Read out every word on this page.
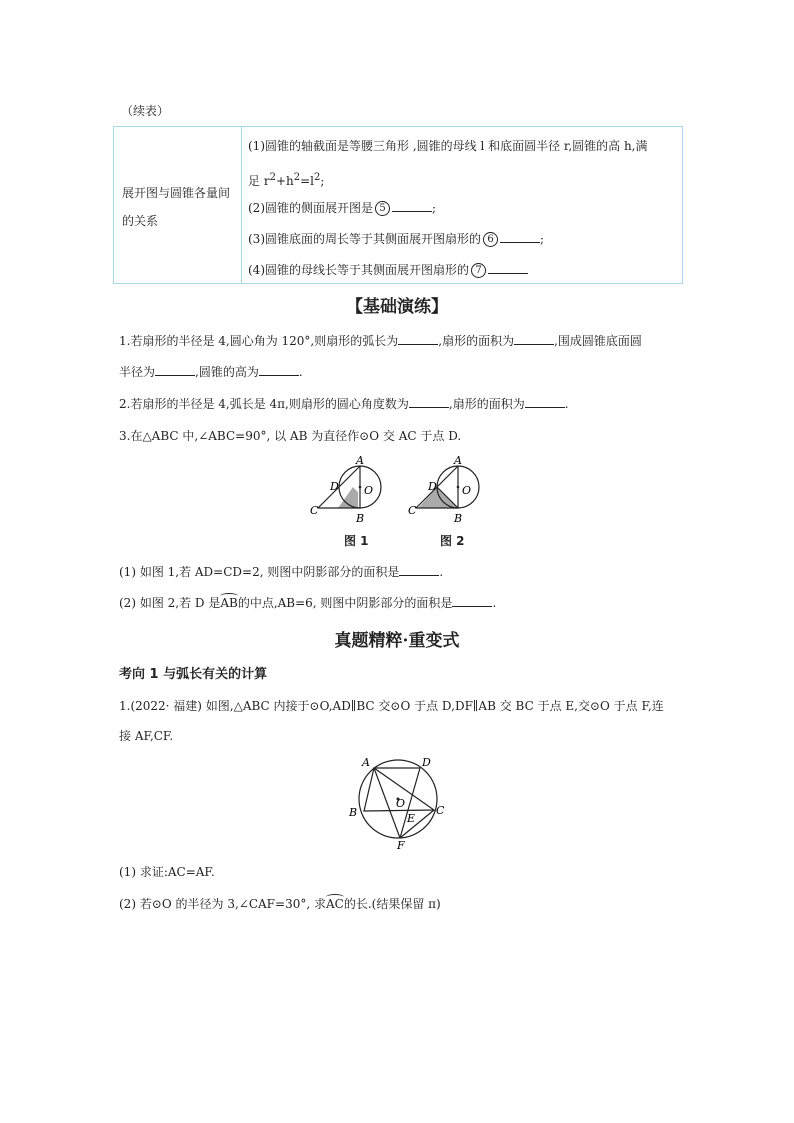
（续表）
展开图与圆锥各量间的关系
(1)圆锥的轴截面是等腰三角形 ,圆锥的母线 l 和底面圆半径 r,圆锥的高 h,满
足 $r^2+h^2=l^2$;
(2)圆锥的侧面展开图是 5	;
(3)圆锥底面的周长等于其侧面展开图扇形的 6	;
(4)圆锥的母线长等于其侧面展开图扇形的 7
【基础演练】
1.若扇形的半径是 4,圆心角为 120°,则扇形的弧长为	,扇形的面积为	,围成圆锥底面圆
半径为	,圆锥的高为	.
2.若扇形的半径是 4,弧长是 4π,则扇形的圆心角度数为	,扇形的面积为	.
3.在△ABC 中,∠ABC=90°, 以 AB 为直径作⊙O 交 AC 于点 D.
A
B
C
D O
A
B
C
D O
图 1	图 2
(1) 如图 1,若 AD=CD=2, 则图中阴影部分的面积是	.
(2) 如图 2,若 D 是AB的中点,AB=6, 则图中阴影部分的面积是	.
真题精粹·重变式
考向 1 与弧长有关的计算
1.(2022· 福建) 如图,△ABC 内接于⊙O,AD∥BC 交⊙O 于点 D,DF∥AB 交 BC 于点 E,交⊙O 于点 F,连
接 AF,CF.
A	D
B	C
O
E
F
(1) 求证:AC=AF.
(2) 若⊙O 的半径为 3,∠CAF=30°, 求AC的长.(结果保留 π)
